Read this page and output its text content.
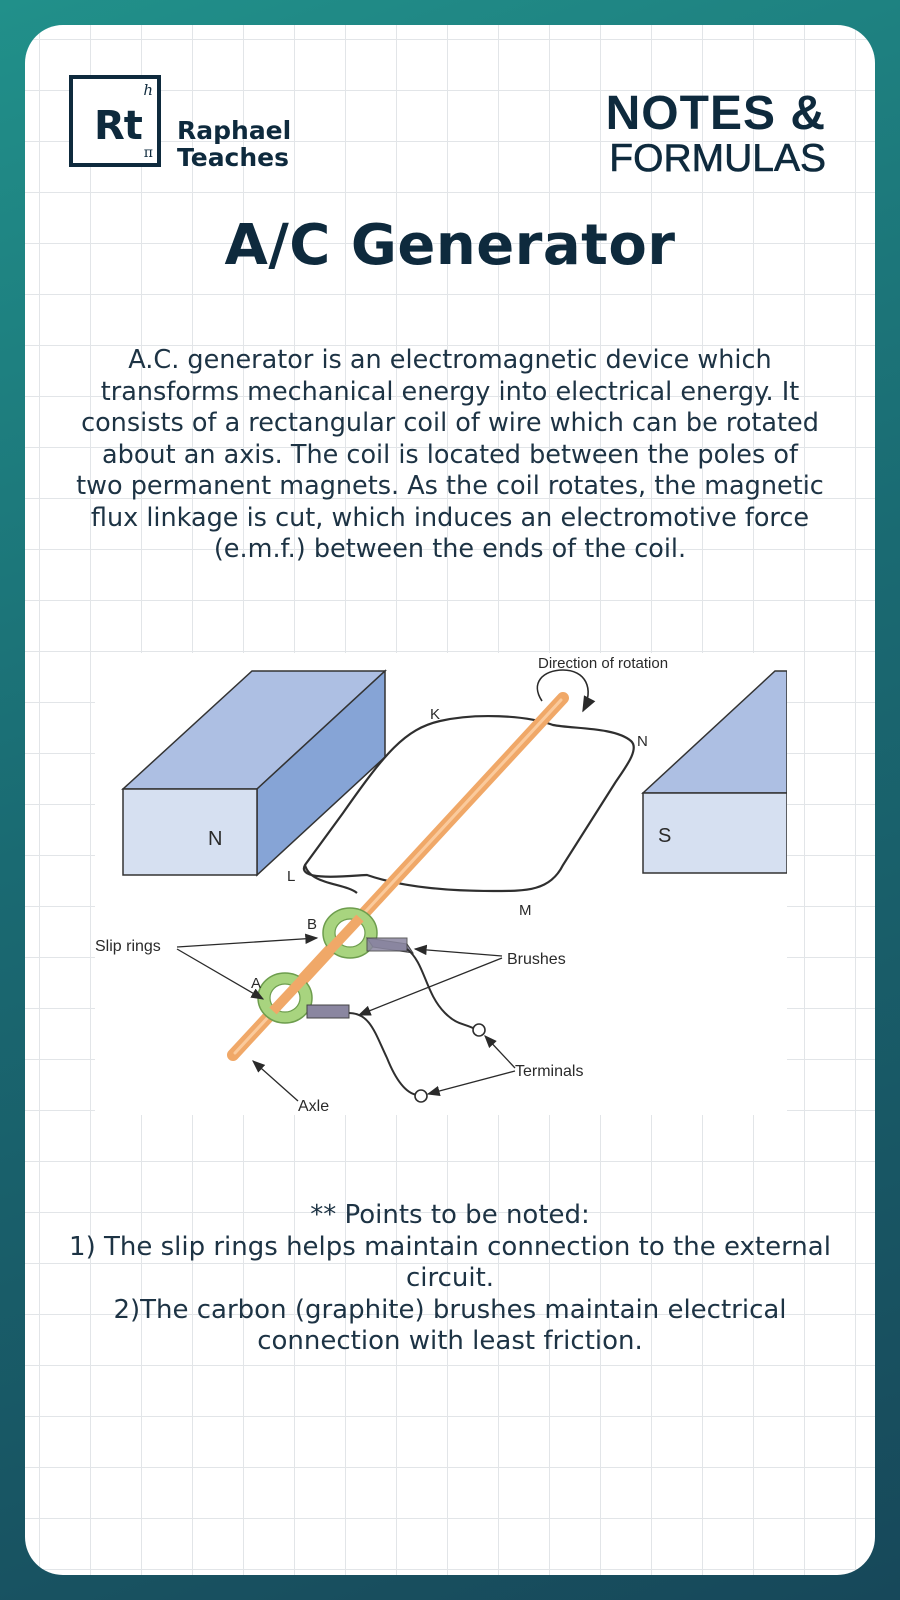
Rt
h
π
Raphael
Teaches
NOTES &
FORMULAS
A/C Generator
A.C. generator is an electromagnetic device which transforms mechanical energy into electrical energy. It consists of a rectangular coil of wire which can be rotated about an axis. The coil is located between the poles of two permanent magnets. As the coil rotates, the magnetic flux linkage is cut, which induces an electromotive force (e.m.f.) between the ends of the coil.
N	S
Direction of rotation
K
N
L
M
B
A
Slip rings
Brushes
Terminals
Axle
** Points to be noted:
1) The slip rings helps maintain connection to the external circuit.
2)The carbon (graphite) brushes maintain electrical connection with least friction.
